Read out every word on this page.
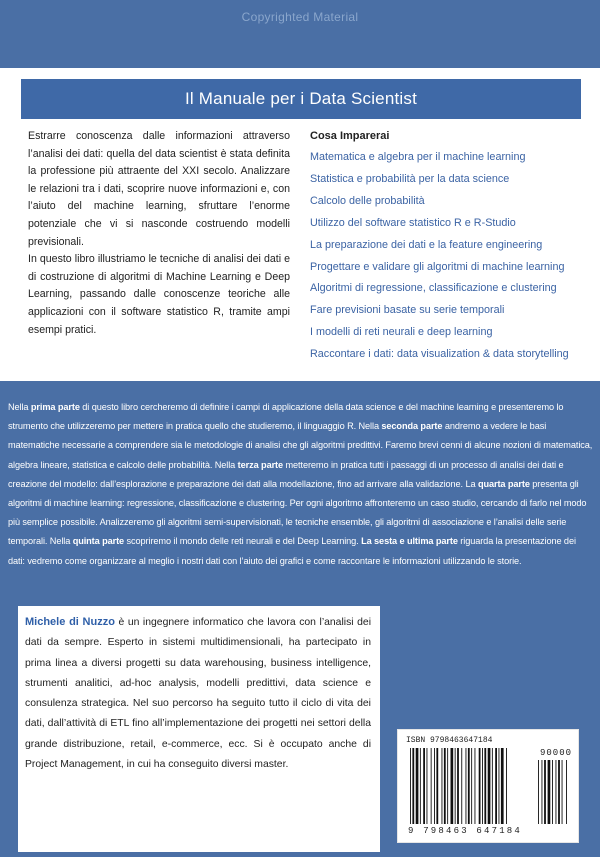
Copyrighted Material
Il Manuale per i Data Scientist

Estrarre conoscenza dalle informazioni attraverso l’analisi dei dati: quella del data scientist è stata definita la professione più attraente del XXI secolo. Analizzare le relazioni tra i dati, scoprire nuove informazioni e, con l’aiuto del machine learning, sfruttare l’enorme potenziale che vi si nasconde costruendo modelli previsionali.

In questo libro illustriamo le tecniche di analisi dei dati e di costruzione di algoritmi di Machine Learning e Deep Learning, passando dalle conoscenze teoriche alle applicazioni con il software statistico R, tramite ampi esempi pratici.

Cosa Imparerai
Matematica e algebra per il machine learning
Statistica e probabilità per la data science
Calcolo delle probabilità
Utilizzo del software statistico R e R-Studio
La preparazione dei dati e la feature engineering
Progettare e validare gli algoritmi di machine learning
Algoritmi di regressione, classificazione e clustering
Fare previsioni basate su serie temporali
I modelli di reti neurali e deep learning
Raccontare i dati: data visualization & data storytelling

Nella prima parte di questo libro cercheremo di definire i campi di applicazione della data science e del machine learning e presenteremo lo strumento che utilizzeremo per mettere in pratica quello che studieremo, il linguaggio R. Nella seconda parte andremo a vedere le basi matematiche necessarie a comprendere sia le metodologie di analisi che gli algoritmi predittivi. Faremo brevi cenni di alcune nozioni di matematica, algebra lineare, statistica e calcolo delle probabilità. Nella terza parte metteremo in pratica tutti i passaggi di un processo di analisi dei dati e creazione del modello: dall’esplorazione e preparazione dei dati alla modellazione, fino ad arrivare alla validazione. La quarta parte presenta gli algoritmi di machine learning: regressione, classificazione e clustering. Per ogni algoritmo affronteremo un caso studio, cercando di farlo nel modo più semplice possibile. Analizzeremo gli algoritmi semi-supervisionati, le tecniche ensemble, gli algoritmi di associazione e l’analisi delle serie temporali. Nella quinta parte scopriremo il mondo delle reti neurali e del Deep Learning. La sesta e ultima parte riguarda la presentazione dei dati: vedremo come organizzare al meglio i nostri dati con l’aiuto dei grafici e come raccontare le informazioni utilizzando le storie.

Michele di Nuzzo è un ingegnere informatico che lavora con l’analisi dei dati da sempre. Esperto in sistemi multidimensionali, ha partecipato in prima linea a diversi progetti su data warehousing, business intelligence, strumenti analitici, ad-hoc analysis, modelli predittivi, data science e consulenza strategica. Nel suo percorso ha seguito tutto il ciclo di vita dei dati, dall’attività di ETL fino all’implementazione dei progetti nei settori della grande distribuzione, retail, e-commerce, ecc. Si è occupato anche di Project Management, in cui ha conseguito diversi master.

ISBN 9798463647184
90000
9 798463 647184
